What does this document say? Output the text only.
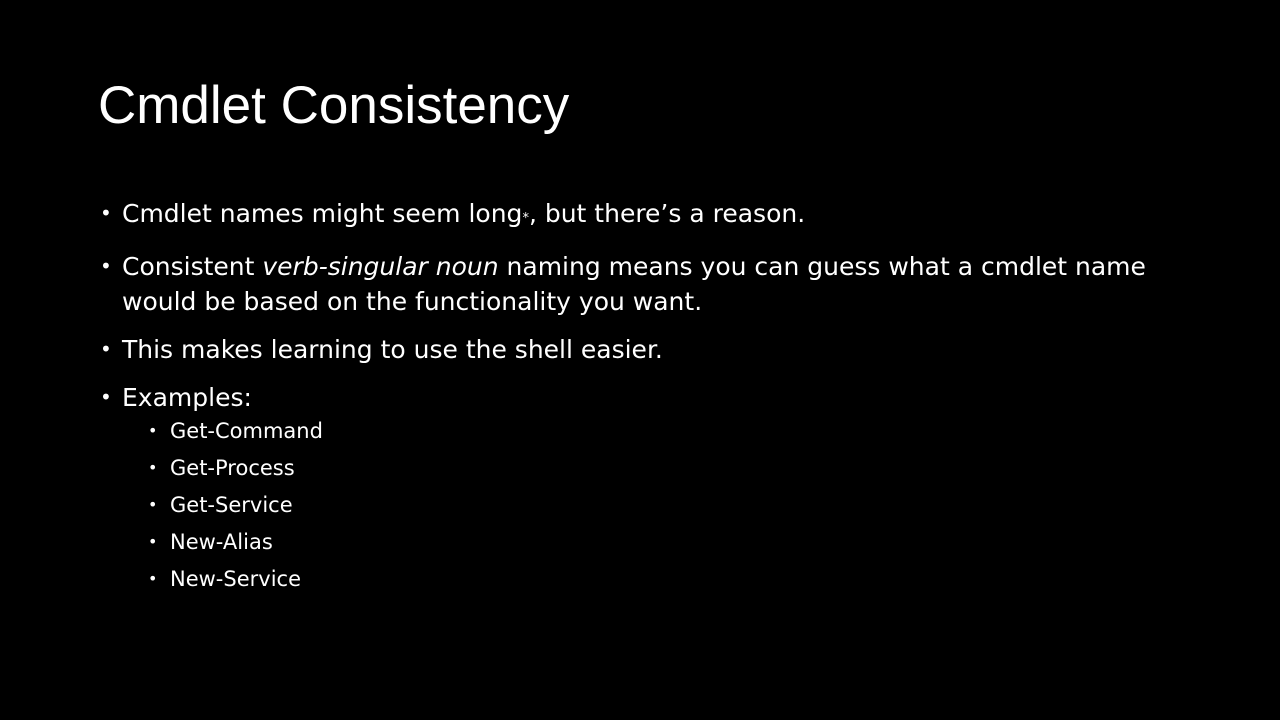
Cmdlet Consistency
• Cmdlet names might seem long*, but there’s a reason.
• Consistent verb-singular noun naming means you can guess what a cmdlet name would be based on the functionality you want.
• This makes learning to use the shell easier.
• Examples:
• Get-Command
• Get-Process
• Get-Service
• New-Alias
• New-Service
